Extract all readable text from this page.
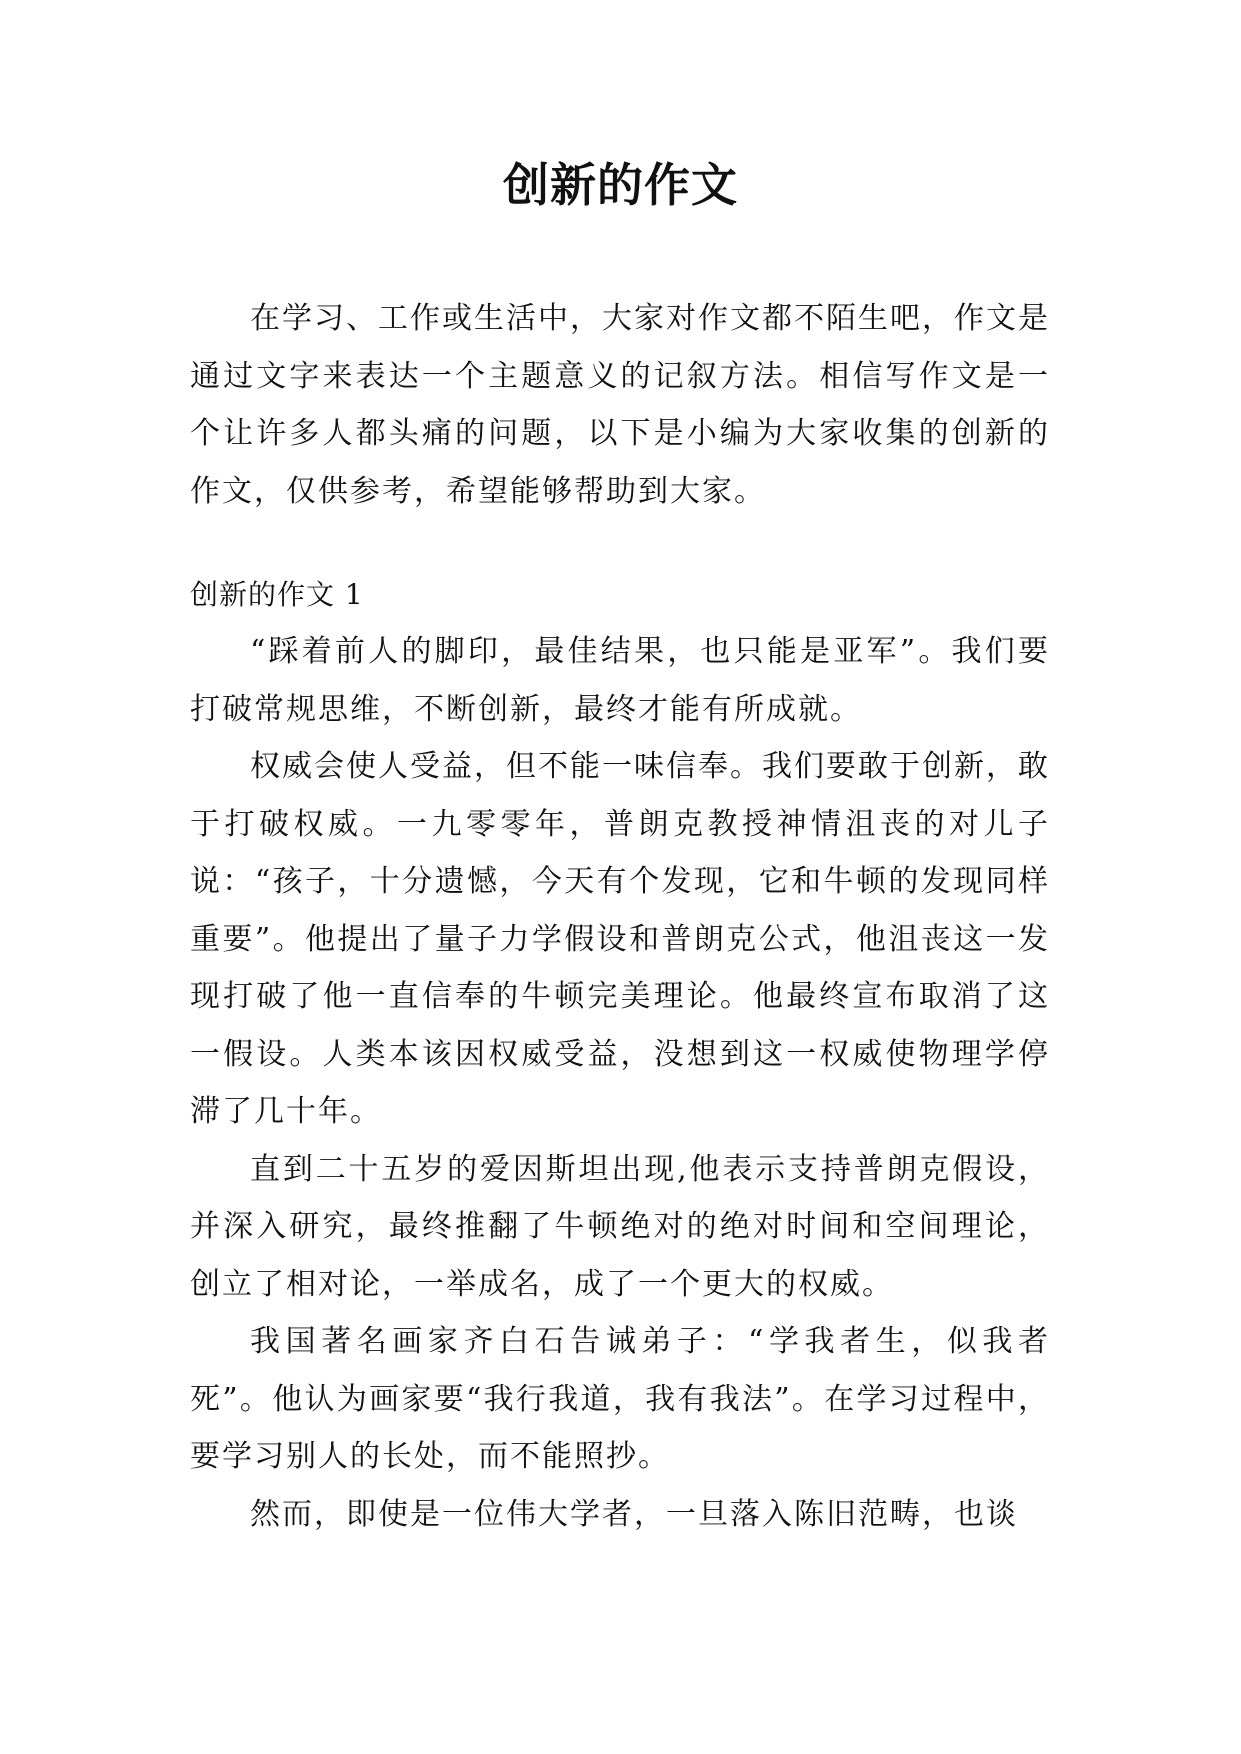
创新的作文

在学习、工作或生活中，大家对作文都不陌生吧，作文是通过文字来表达一个主题意义的记叙方法。相信写作文是一个让许多人都头痛的问题，以下是小编为大家收集的创新的作文，仅供参考，希望能够帮助到大家。

创新的作文 1

“踩着前人的脚印，最佳结果，也只能是亚军”。我们要打破常规思维，不断创新，最终才能有所成就。

权威会使人受益，但不能一味信奉。我们要敢于创新，敢于打破权威。一九零零年，普朗克教授神情沮丧的对儿子说：“孩子，十分遗憾，今天有个发现，它和牛顿的发现同样重要”。他提出了量子力学假设和普朗克公式，他沮丧这一发现打破了他一直信奉的牛顿完美理论。他最终宣布取消了这一假设。人类本该因权威受益，没想到这一权威使物理学停滞了几十年。

直到二十五岁的爱因斯坦出现,他表示支持普朗克假设，并深入研究，最终推翻了牛顿绝对的绝对时间和空间理论，创立了相对论，一举成名，成了一个更大的权威。

我国著名画家齐白石告诫弟子：“学我者生，似我者死”。他认为画家要“我行我道，我有我法”。在学习过程中，要学习别人的长处，而不能照抄。

然而，即使是一位伟大学者，一旦落入陈旧范畴，也谈
